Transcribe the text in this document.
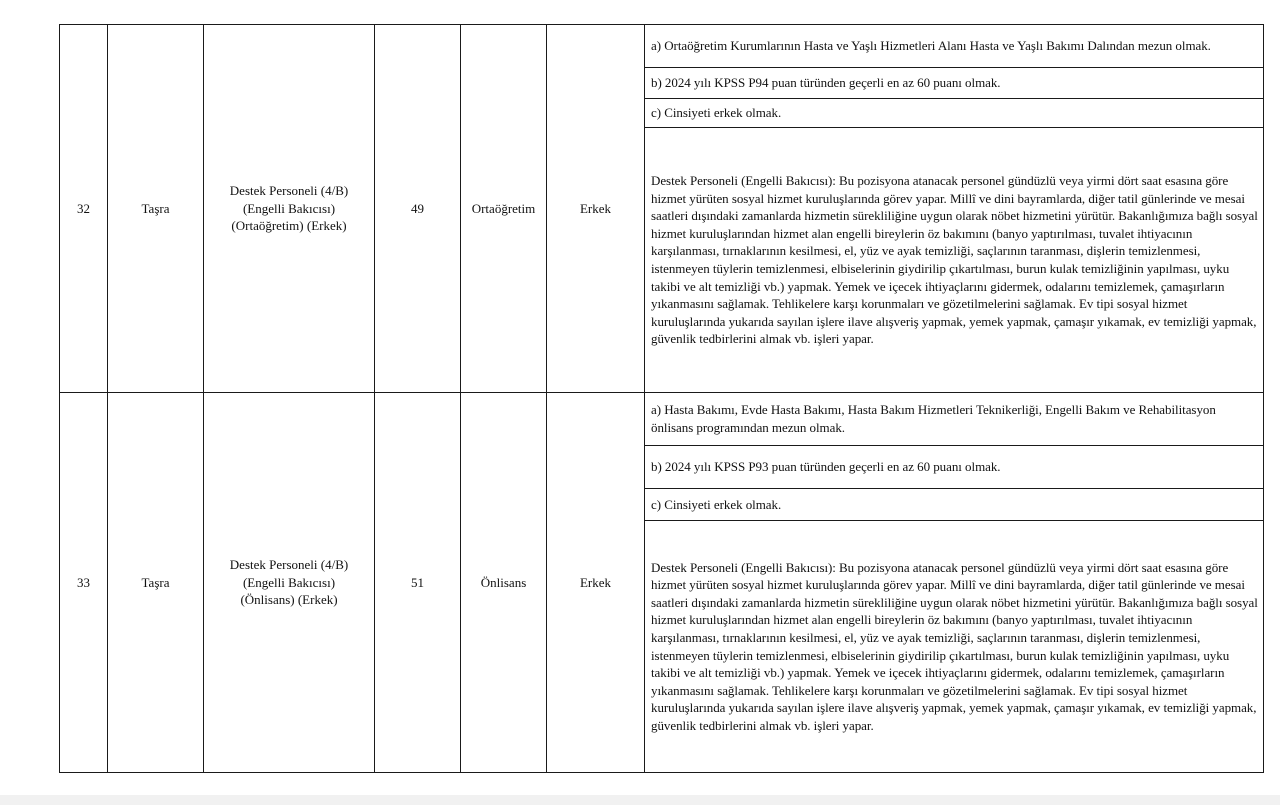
32	Taşra	Destek Personeli (4/B)
(Engelli Bakıcısı)
(Ortaöğretim) (Erkek)	49	Ortaöğretim	Erkek	a) Ortaöğretim Kurumlarının Hasta ve Yaşlı Hizmetleri Alanı Hasta ve Yaşlı Bakımı Dalından mezun olmak.
						b) 2024 yılı KPSS P94 puan türünden geçerli en az 60 puanı olmak.
						c) Cinsiyeti erkek olmak.
						Destek Personeli (Engelli Bakıcısı): Bu pozisyona atanacak personel gündüzlü veya yirmi dört saat esasına göre hizmet yürüten sosyal hizmet kuruluşlarında görev yapar. Millî ve dini bayramlarda, diğer tatil günlerinde ve mesai saatleri dışındaki zamanlarda hizmetin sürekliliğine uygun olarak nöbet hizmetini yürütür. Bakanlığımıza bağlı sosyal hizmet kuruluşlarından hizmet alan engelli bireylerin öz bakımını (banyo yaptırılması, tuvalet ihtiyacının karşılanması, tırnaklarının kesilmesi, el, yüz ve ayak temizliği, saçlarının taranması, dişlerin temizlenmesi, istenmeyen tüylerin temizlenmesi, elbiselerinin giydirilip çıkartılması, burun kulak temizliğinin yapılması, uyku takibi ve alt temizliği vb.) yapmak. Yemek ve içecek ihtiyaçlarını gidermek, odalarını temizlemek, çamaşırların yıkanmasını sağlamak. Tehlikelere karşı korunmaları ve gözetilmelerini sağlamak. Ev tipi sosyal hizmet kuruluşlarında yukarıda sayılan işlere ilave alışveriş yapmak, yemek yapmak, çamaşır yıkamak, ev temizliği yapmak, güvenlik tedbirlerini almak vb. işleri yapar.
33	Taşra	Destek Personeli (4/B)
(Engelli Bakıcısı)
(Önlisans) (Erkek)	51	Önlisans	Erkek	a) Hasta Bakımı, Evde Hasta Bakımı, Hasta Bakım Hizmetleri Teknikerliği, Engelli Bakım ve Rehabilitasyon önlisans programından mezun olmak.
						b) 2024 yılı KPSS P93 puan türünden geçerli en az 60 puanı olmak.
						c) Cinsiyeti erkek olmak.
						Destek Personeli (Engelli Bakıcısı): Bu pozisyona atanacak personel gündüzlü veya yirmi dört saat esasına göre hizmet yürüten sosyal hizmet kuruluşlarında görev yapar. Millî ve dini bayramlarda, diğer tatil günlerinde ve mesai saatleri dışındaki zamanlarda hizmetin sürekliliğine uygun olarak nöbet hizmetini yürütür. Bakanlığımıza bağlı sosyal hizmet kuruluşlarından hizmet alan engelli bireylerin öz bakımını (banyo yaptırılması, tuvalet ihtiyacının karşılanması, tırnaklarının kesilmesi, el, yüz ve ayak temizliği, saçlarının taranması, dişlerin temizlenmesi, istenmeyen tüylerin temizlenmesi, elbiselerinin giydirilip çıkartılması, burun kulak temizliğinin yapılması, uyku takibi ve alt temizliği vb.) yapmak. Yemek ve içecek ihtiyaçlarını gidermek, odalarını temizlemek, çamaşırların yıkanmasını sağlamak. Tehlikelere karşı korunmaları ve gözetilmelerini sağlamak. Ev tipi sosyal hizmet kuruluşlarında yukarıda sayılan işlere ilave alışveriş yapmak, yemek yapmak, çamaşır yıkamak, ev temizliği yapmak, güvenlik tedbirlerini almak vb. işleri yapar.
